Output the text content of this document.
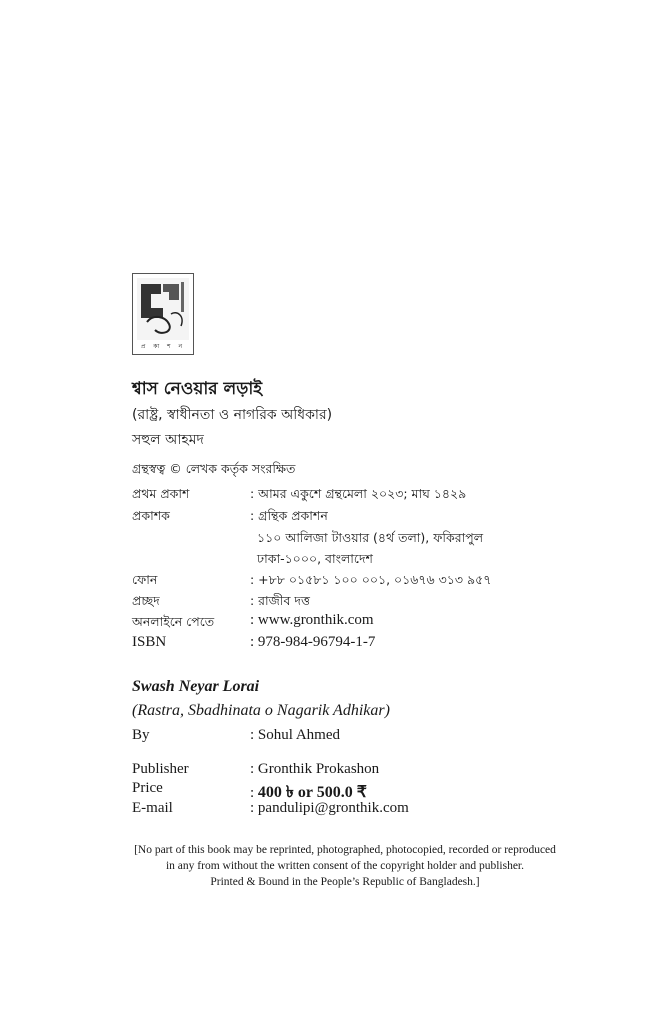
প্র কা শ ন
শ্বাস নেওয়ার লড়াই
(রাষ্ট্র, স্বাধীনতা ও নাগরিক অধিকার)
সহুল আহমদ
গ্রন্থস্বত্ব © লেখক কর্তৃক সংরক্ষিত
প্রথম প্রকাশ	: আমর একুশে গ্রন্থমেলা ২০২৩; মাঘ ১৪২৯
প্রকাশক	: গ্রন্থিক প্রকাশন
১১০ আলিজা টাওয়ার (৪র্থ তলা), ফকিরাপুল
ঢাকা-১০০০, বাংলাদেশ
ফোন	: +৮৮ ০১৫৮১ ১০০ ০০১, ০১৬৭৬ ৩১৩ ৯৫৭
প্রচ্ছদ	: রাজীব দত্ত
অনলাইনে পেতে : www.gronthik.com
ISBN	: 978-984-96794-1-7
Swash Neyar Lorai
(Rastra, Sbadhinata o Nagarik Adhikar)
By	: Sohul Ahmed
Publisher	: Gronthik Prokashon
Price	: 400 ৳ or 500.0 ₹
E-mail	: pandulipi@gronthik.com
[No part of this book may be reprinted, photographed, photocopied, recorded or reproduced
in any from without the written consent of the copyright holder and publisher.
Printed & Bound in the People’s Republic of Bangladesh.]
